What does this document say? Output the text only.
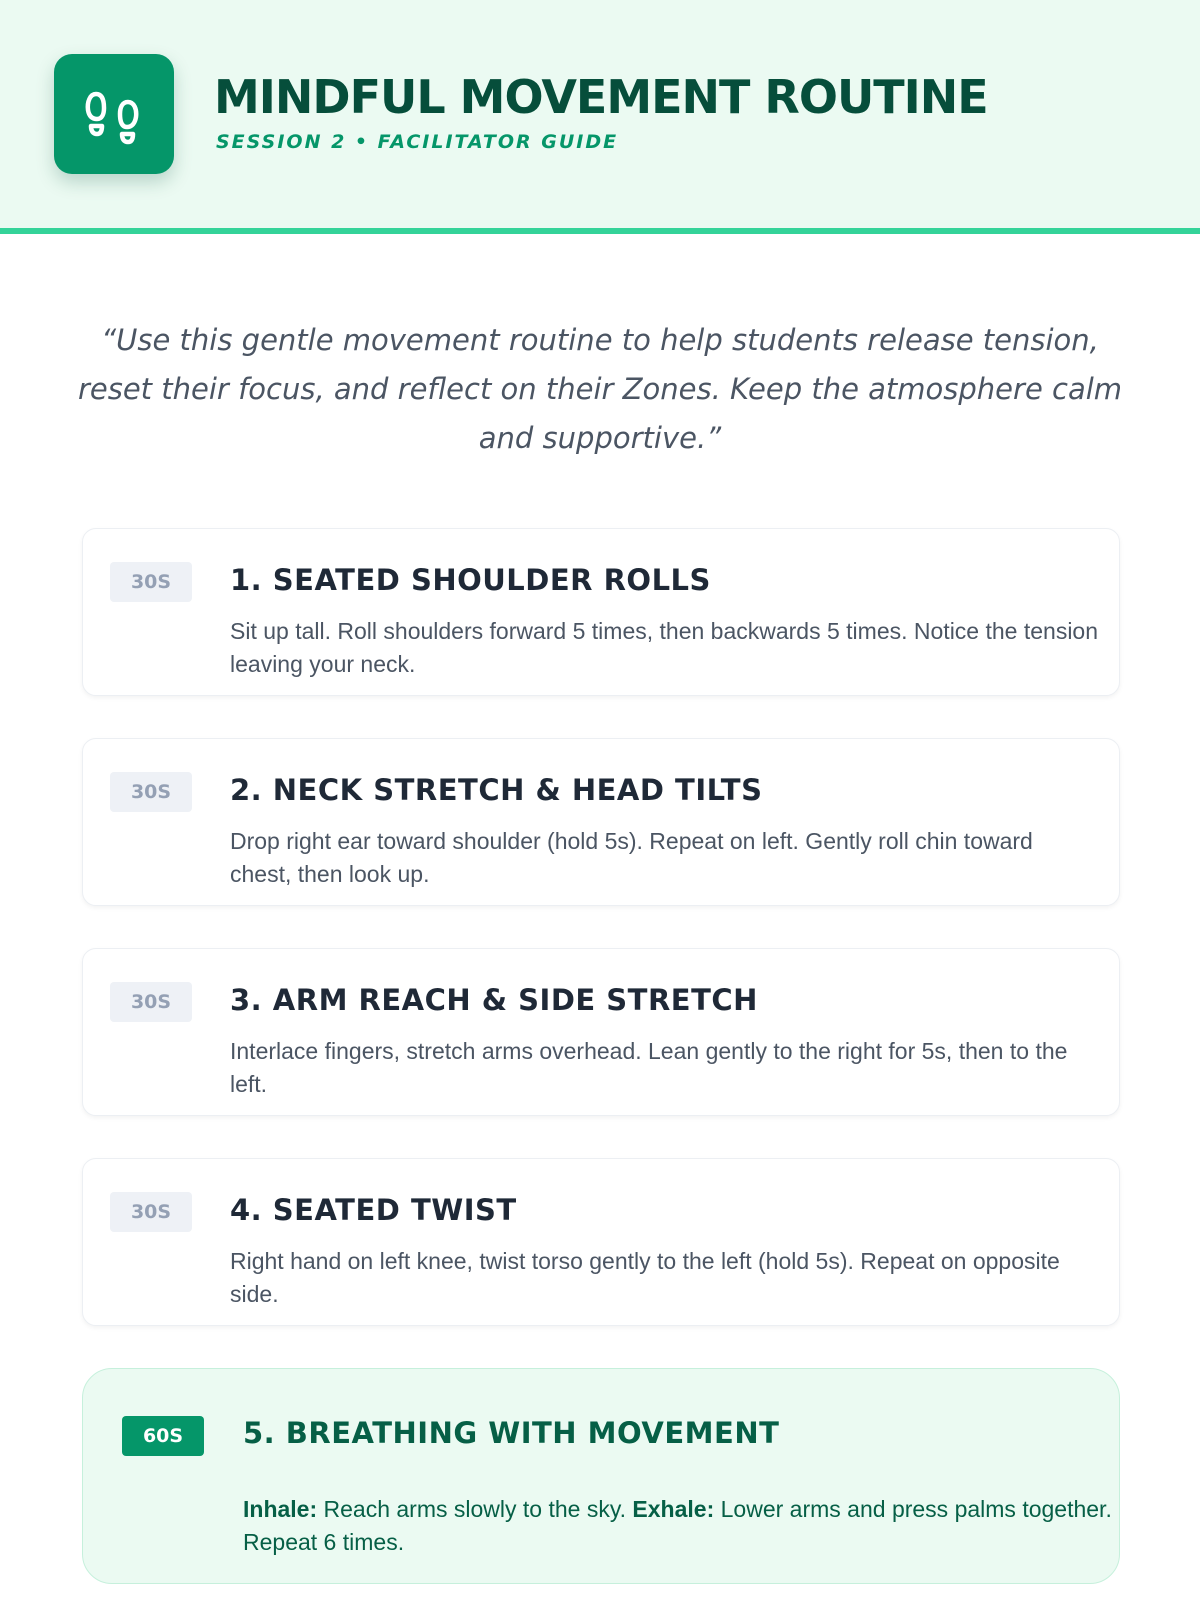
MINDFUL MOVEMENT ROUTINE
SESSION 2 • FACILITATOR GUIDE

“Use this gentle movement routine to help students release tension, reset their focus, and reflect on their Zones. Keep the atmosphere calm and supportive.”

30S	1. SEATED SHOULDER ROLLS
Sit up tall. Roll shoulders forward 5 times, then backwards 5 times. Notice the tension leaving your neck.
30S	2. NECK STRETCH & HEAD TILTS
Drop right ear toward shoulder (hold 5s). Repeat on left. Gently roll chin toward chest, then look up.
30S	3. ARM REACH & SIDE STRETCH
Interlace fingers, stretch arms overhead. Lean gently to the right for 5s, then to the left.
30S	4. SEATED TWIST
Right hand on left knee, twist torso gently to the left (hold 5s). Repeat on opposite side.
60S	5. BREATHING WITH MOVEMENT
Inhale: Reach arms slowly to the sky. Exhale: Lower arms and press palms together. Repeat 6 times.
